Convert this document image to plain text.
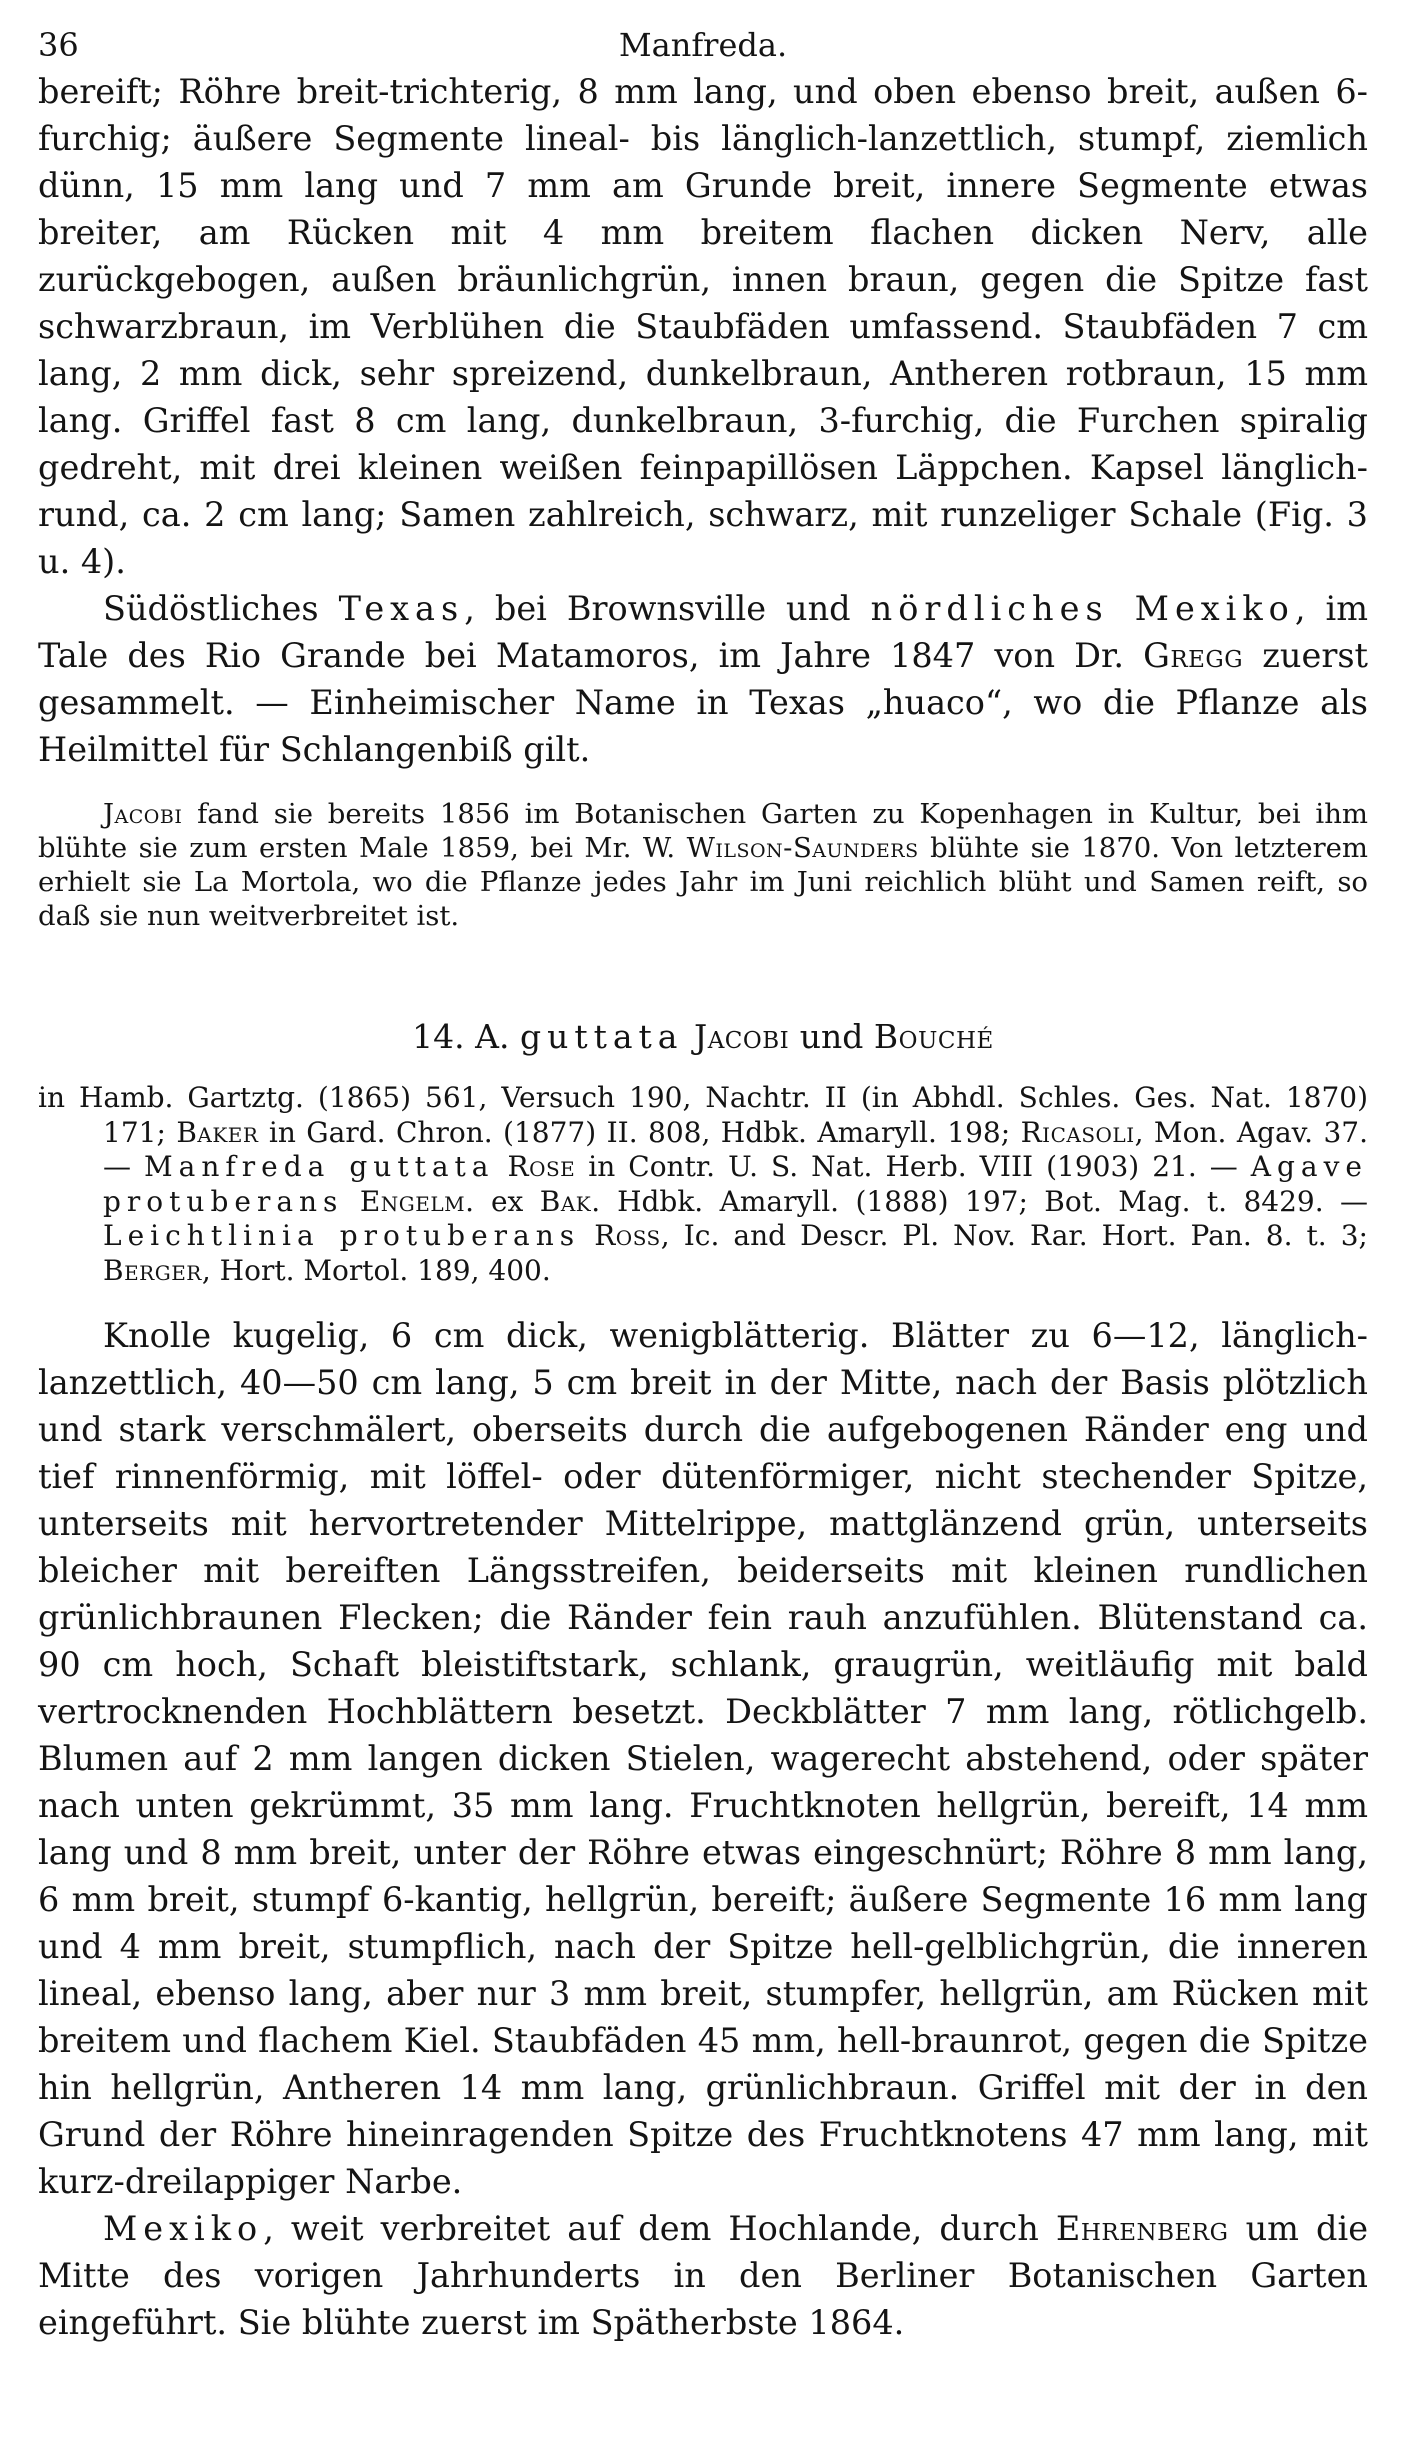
36	Manfreda.

bereift; Röhre breit-trichterig, 8 mm lang, und oben ebenso breit, außen 6-furchig; äußere Segmente lineal- bis länglich-lanzettlich, stumpf, ziemlich dünn, 15 mm lang und 7 mm am Grunde breit, innere Segmente etwas breiter, am Rücken mit 4 mm breitem flachen dicken Nerv, alle zurückgebogen, außen bräunlichgrün, innen braun, gegen die Spitze fast schwarzbraun, im Verblühen die Staubfäden umfassend. Staubfäden 7 cm lang, 2 mm dick, sehr spreizend, dunkelbraun, Antheren rotbraun, 15 mm lang. Griffel fast 8 cm lang, dunkelbraun, 3-furchig, die Furchen spiralig gedreht, mit drei kleinen weißen feinpapillösen Läppchen. Kapsel länglich-rund, ca. 2 cm lang; Samen zahlreich, schwarz, mit runzeliger Schale (Fig. 3 u. 4).

Südöstliches Texas, bei Brownsville und nördliches Mexiko, im Tale des Rio Grande bei Matamoros, im Jahre 1847 von Dr. Gregg zuerst gesammelt. — Einheimischer Name in Texas „huaco“, wo die Pflanze als Heilmittel für Schlangenbiß gilt.

Jacobi fand sie bereits 1856 im Botanischen Garten zu Kopenhagen in Kultur, bei ihm blühte sie zum ersten Male 1859, bei Mr. W. Wilson-Saunders blühte sie 1870. Von letzterem erhielt sie La Mortola, wo die Pflanze jedes Jahr im Juni reichlich blüht und Samen reift, so daß sie nun weitverbreitet ist.

14. A. guttata Jacobi und Bouché

in Hamb. Gartztg. (1865) 561, Versuch 190, Nachtr. II (in Abhdl. Schles. Ges. Nat. 1870) 171; Baker in Gard. Chron. (1877) II. 808, Hdbk. Amaryll. 198; Ricasoli, Mon. Agav. 37. — Manfreda guttata Rose in Contr. U. S. Nat. Herb. VIII (1903) 21. — Agave protuberans Engelm. ex Bak. Hdbk. Amaryll. (1888) 197; Bot. Mag. t. 8429. — Leichtlinia protuberans Ross, Ic. and Descr. Pl. Nov. Rar. Hort. Pan. 8. t. 3; Berger, Hort. Mortol. 189, 400.

Knolle kugelig, 6 cm dick, wenigblätterig. Blätter zu 6—12, länglich-lanzettlich, 40—50 cm lang, 5 cm breit in der Mitte, nach der Basis plötzlich und stark verschmälert, oberseits durch die aufgebogenen Ränder eng und tief rinnenförmig, mit löffel- oder dütenförmiger, nicht stechender Spitze, unterseits mit hervortretender Mittelrippe, mattglänzend grün, unterseits bleicher mit bereiften Längsstreifen, beiderseits mit kleinen rundlichen grünlichbraunen Flecken; die Ränder fein rauh anzufühlen. Blütenstand ca. 90 cm hoch, Schaft bleistiftstark, schlank, graugrün, weitläufig mit bald vertrocknenden Hochblättern besetzt. Deckblätter 7 mm lang, rötlichgelb. Blumen auf 2 mm langen dicken Stielen, wagerecht abstehend, oder später nach unten gekrümmt, 35 mm lang. Fruchtknoten hellgrün, bereift, 14 mm lang und 8 mm breit, unter der Röhre etwas eingeschnürt; Röhre 8 mm lang, 6 mm breit, stumpf 6-kantig, hellgrün, bereift; äußere Segmente 16 mm lang und 4 mm breit, stumpflich, nach der Spitze hell-gelblichgrün, die inneren lineal, ebenso lang, aber nur 3 mm breit, stumpfer, hellgrün, am Rücken mit breitem und flachem Kiel. Staubfäden 45 mm, hell-braunrot, gegen die Spitze hin hellgrün, Antheren 14 mm lang, grünlichbraun. Griffel mit der in den Grund der Röhre hineinragenden Spitze des Fruchtknotens 47 mm lang, mit kurz-dreilappiger Narbe.

Mexiko, weit verbreitet auf dem Hochlande, durch Ehrenberg um die Mitte des vorigen Jahrhunderts in den Berliner Botanischen Garten eingeführt. Sie blühte zuerst im Spätherbste 1864.
